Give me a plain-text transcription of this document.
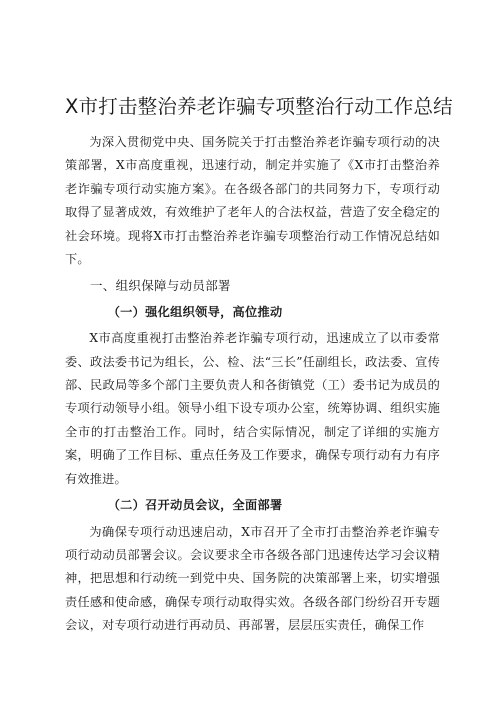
X市打击整治养老诈骗专项整治行动工作总结

为深入贯彻党中央、国务院关于打击整治养老诈骗专项行动的决策部署，X市高度重视，迅速行动，制定并实施了《X市打击整治养老诈骗专项行动实施方案》。在各级各部门的共同努力下，专项行动取得了显著成效，有效维护了老年人的合法权益，营造了安全稳定的社会环境。现将X市打击整治养老诈骗专项整治行动工作情况总结如下。

一、组织保障与动员部署

（一）强化组织领导，高位推动

X市高度重视打击整治养老诈骗专项行动，迅速成立了以市委常委、政法委书记为组长，公、检、法“三长”任副组长，政法委、宣传部、民政局等多个部门主要负责人和各街镇党（工）委书记为成员的专项行动领导小组。领导小组下设专项办公室，统筹协调、组织实施全市的打击整治工作。同时，结合实际情况，制定了详细的实施方案，明确了工作目标、重点任务及工作要求，确保专项行动有力有序有效推进。

（二）召开动员会议，全面部署

为确保专项行动迅速启动，X市召开了全市打击整治养老诈骗专项行动动员部署会议。会议要求全市各级各部门迅速传达学习会议精神，把思想和行动统一到党中央、国务院的决策部署上来，切实增强责任感和使命感，确保专项行动取得实效。各级各部门纷纷召开专题会议，对专项行动进行再动员、再部署，层层压实责任，确保工作
